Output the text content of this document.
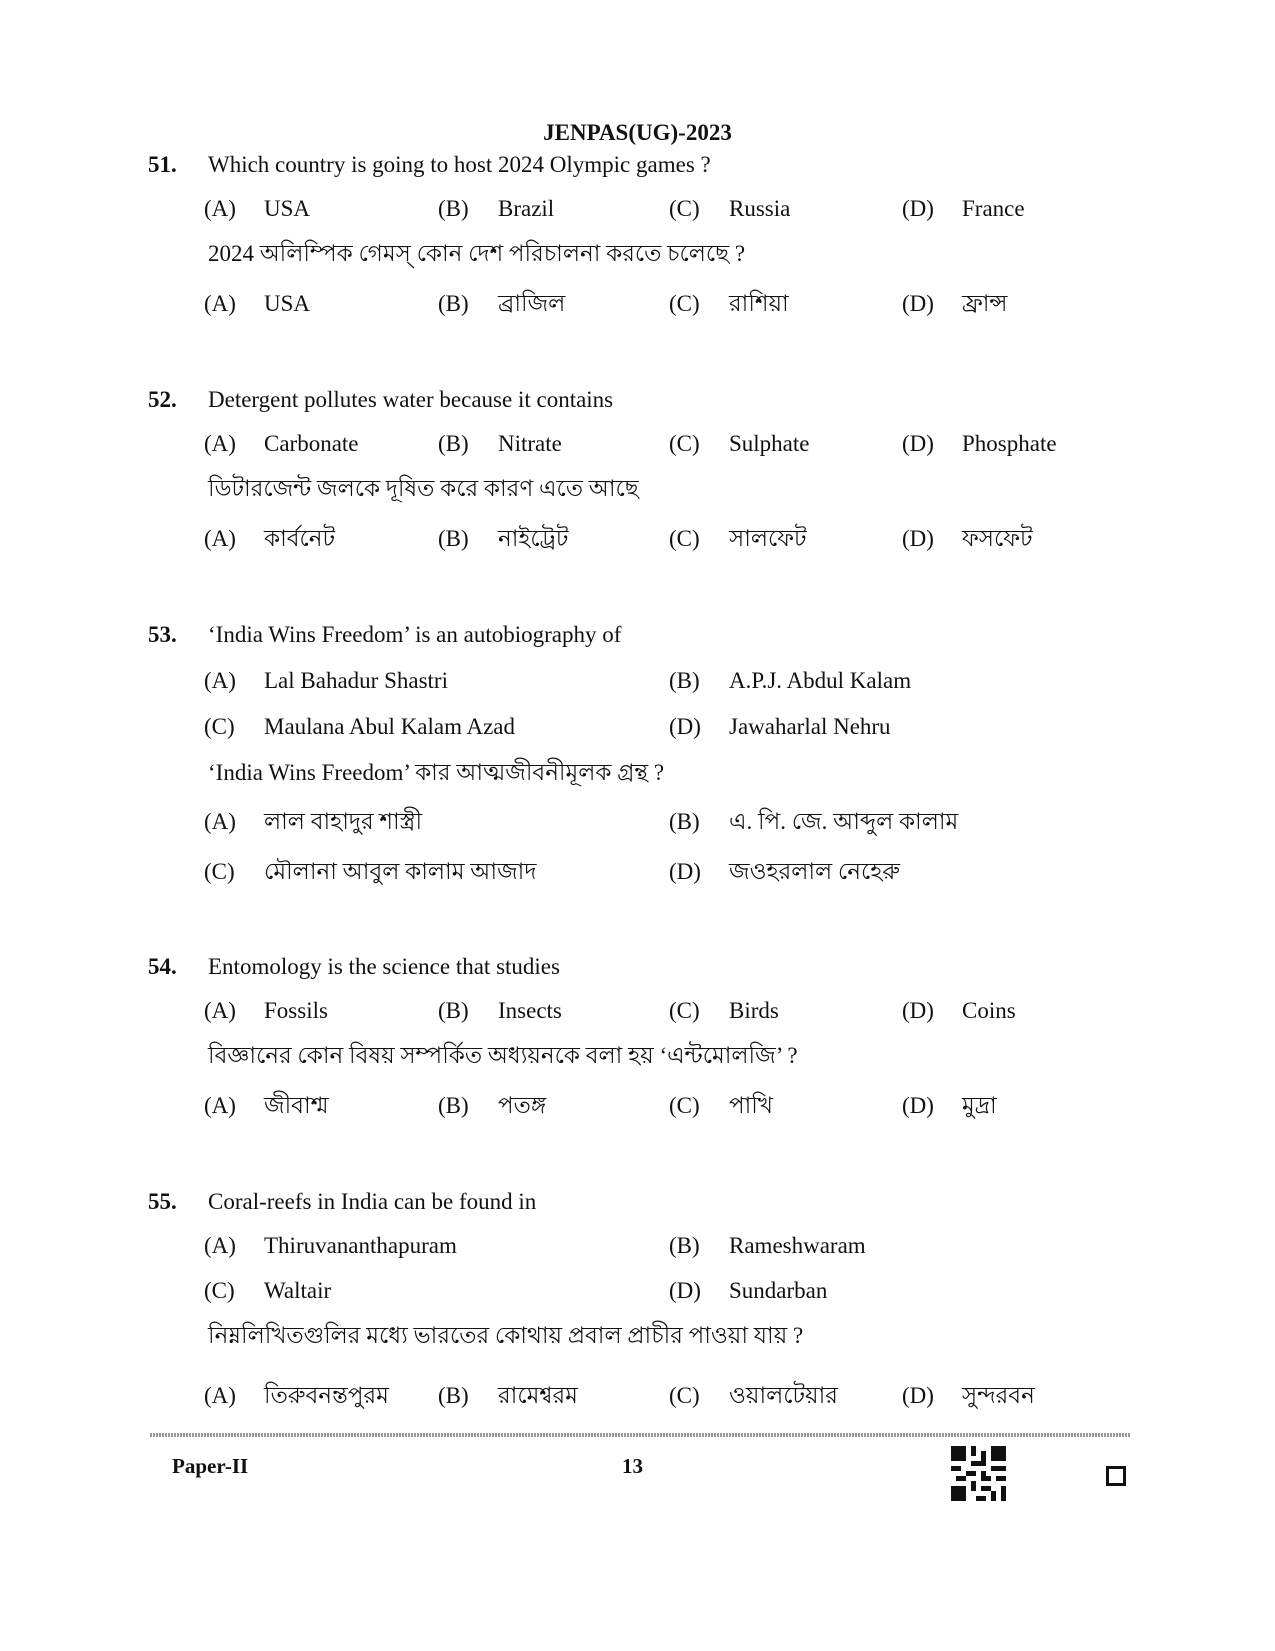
JENPAS(UG)-2023
51. Which country is going to host 2024 Olympic games ?
(A) USA	(B) Brazil	(C) Russia	(D) France
2024 অলিম্পিক গেমস্ কোন দেশ পরিচালনা করতে চলেছে ?
(A) USA	(B) ব্রাজিল	(C) রাশিয়া	(D) ফ্রান্স
52. Detergent pollutes water because it contains
(A) Carbonate	(B) Nitrate	(C) Sulphate	(D) Phosphate
ডিটারজেন্ট জলকে দূষিত করে কারণ এতে আছে
(A) কার্বনেট	(B) নাইট্রেট	(C) সালফেট	(D) ফসফেট
53. ‘India Wins Freedom’ is an autobiography of
(A) Lal Bahadur Shastri	(B) A.P.J. Abdul Kalam
(C) Maulana Abul Kalam Azad	(D) Jawaharlal Nehru
‘India Wins Freedom’ কার আত্মজীবনীমূলক গ্রন্থ ?
(A) লাল বাহাদুর শাস্ত্রী	(B) এ. পি. জে. আব্দুল কালাম
(C) মৌলানা আবুল কালাম আজাদ	(D) জওহরলাল নেহেরু
54. Entomology is the science that studies
(A) Fossils	(B) Insects	(C) Birds	(D) Coins
বিজ্ঞানের কোন বিষয় সম্পর্কিত অধ্যয়নকে বলা হয় ‘এন্টমোলজি’ ?
(A) জীবাশ্ম	(B) পতঙ্গ	(C) পাখি	(D) মুদ্রা
55. Coral-reefs in India can be found in
(A) Thiruvananthapuram	(B) Rameshwaram
(C) Waltair	(D) Sundarban
নিম্নলিখিতগুলির মধ্যে ভারতের কোথায় প্রবাল প্রাচীর পাওয়া যায় ?
(A) তিরুবনন্তপুরম (B) রামেশ্বরম	(C) ওয়ালটেয়ার	(D) সুন্দরবন
Paper-II	13
